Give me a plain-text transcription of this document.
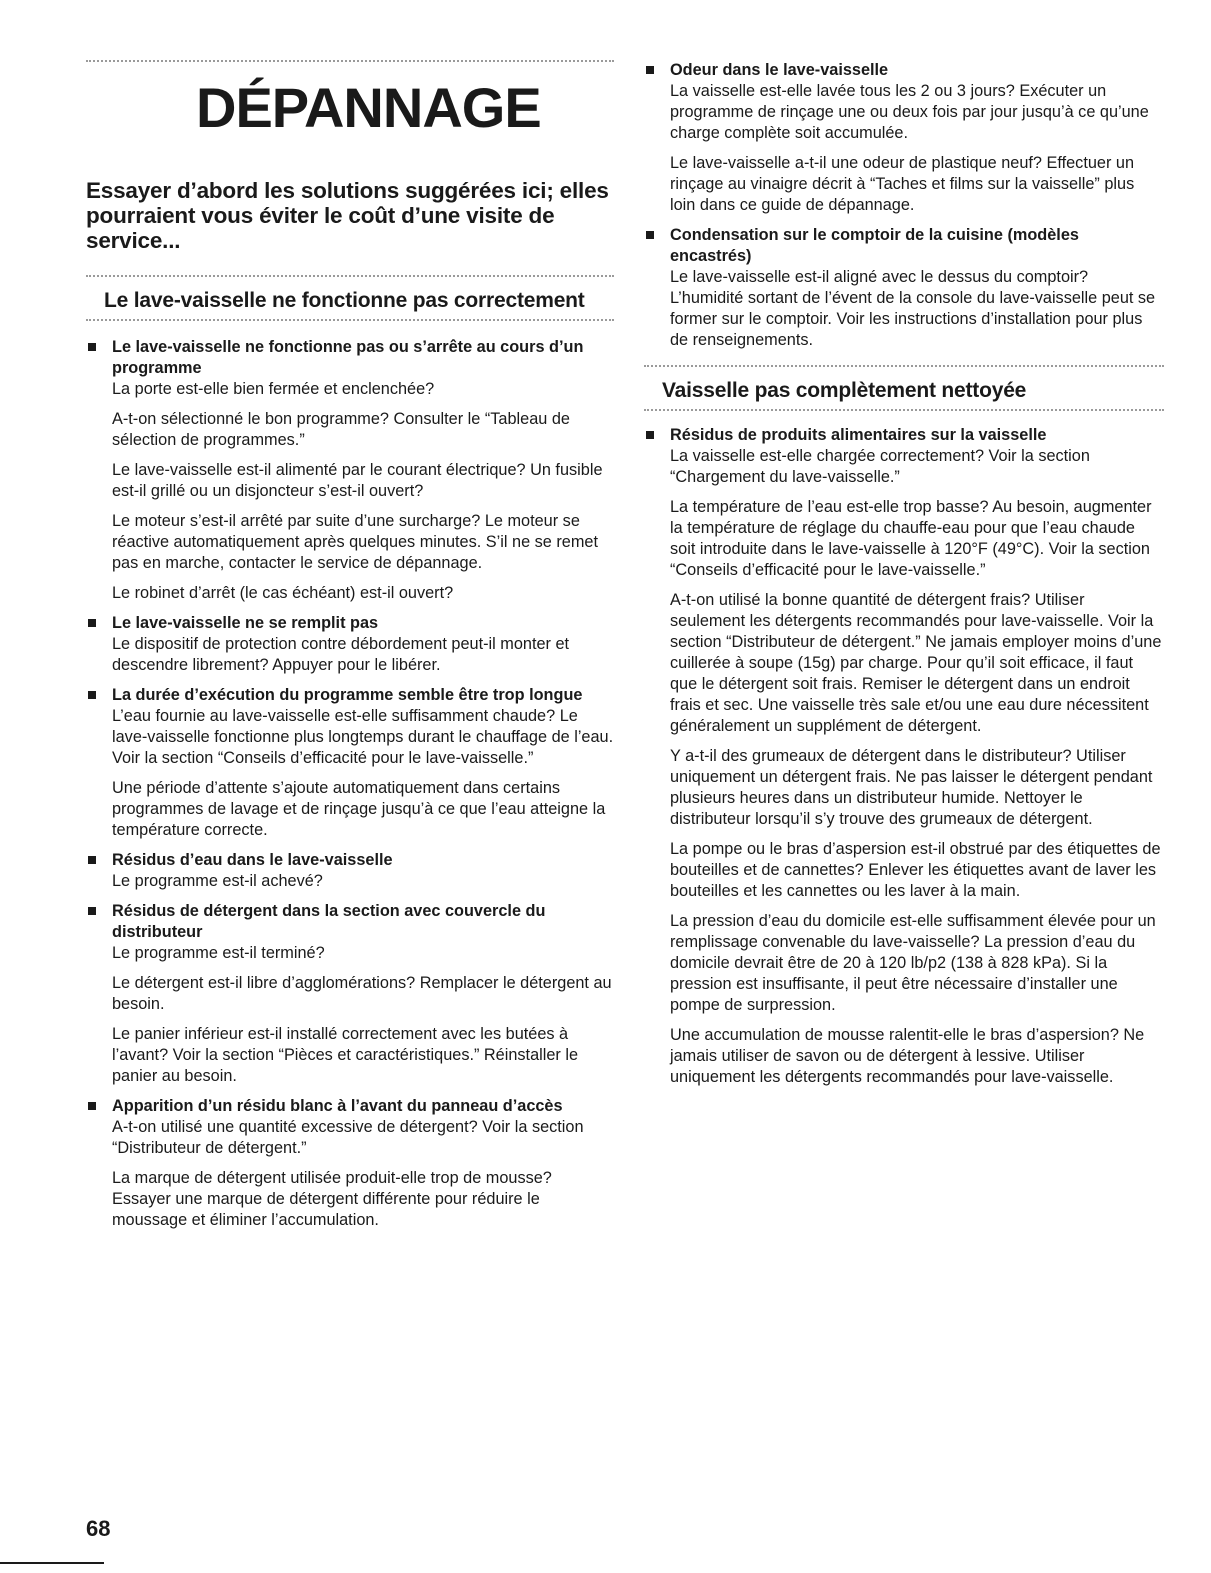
DÉPANNAGE
Essayer d’abord les solutions suggérées ici; elles pourraient vous éviter le coût d’une visite de service...
Le lave-vaisselle ne fonctionne pas correctement
Le lave-vaisselle ne fonctionne pas ou s’arrête au cours d’un programme

La porte est-elle bien fermée et enclenchée?

A-t-on sélectionné le bon programme? Consulter le “Tableau de sélection de programmes.”

Le lave-vaisselle est-il alimenté par le courant électrique? Un fusible est-il grillé ou un disjoncteur s’est-il ouvert?

Le moteur s’est-il arrêté par suite d’une surcharge? Le moteur se réactive automatiquement après quelques minutes. S’il ne se remet pas en marche, contacter le service de dépannage.

Le robinet d’arrêt (le cas échéant) est-il ouvert?

Le lave-vaisselle ne se remplit pas

Le dispositif de protection contre débordement peut-il monter et descendre librement? Appuyer pour le libérer.

La durée d’exécution du programme semble être trop longue

L’eau fournie au lave-vaisselle est-elle suffisamment chaude? Le lave-vaisselle fonctionne plus longtemps durant le chauffage de l’eau. Voir la section “Conseils d’efficacité pour le lave-vaisselle.”

Une période d’attente s’ajoute automatiquement dans certains programmes de lavage et de rinçage jusqu’à ce que l’eau atteigne la température correcte.

Résidus d’eau dans le lave-vaisselle

Le programme est-il achevé?

Résidus de détergent dans la section avec couvercle du distributeur

Le programme est-il terminé?

Le détergent est-il libre d’agglomérations? Remplacer le détergent au besoin.

Le panier inférieur est-il installé correctement avec les butées à l’avant? Voir la section “Pièces et caractéristiques.” Réinstaller le panier au besoin.

Apparition d’un résidu blanc à l’avant du panneau d’accès

A-t-on utilisé une quantité excessive de détergent? Voir la section “Distributeur de détergent.”

La marque de détergent utilisée produit-elle trop de mousse? Essayer une marque de détergent différente pour réduire le moussage et éliminer l’accumulation.

Odeur dans le lave-vaisselle

La vaisselle est-elle lavée tous les 2 ou 3 jours? Exécuter un programme de rinçage une ou deux fois par jour jusqu’à ce qu’une charge complète soit accumulée.

Le lave-vaisselle a-t-il une odeur de plastique neuf? Effectuer un rinçage au vinaigre décrit à “Taches et films sur la vaisselle” plus loin dans ce guide de dépannage.

Condensation sur le comptoir de la cuisine (modèles encastrés)

Le lave-vaisselle est-il aligné avec le dessus du comptoir? L’humidité sortant de l’évent de la console du lave-vaisselle peut se former sur le comptoir. Voir les instructions d’installation pour plus de renseignements.

Vaisselle pas complètement nettoyée
Résidus de produits alimentaires sur la vaisselle

La vaisselle est-elle chargée correctement? Voir la section “Chargement du lave-vaisselle.”

La température de l’eau est-elle trop basse? Au besoin, augmenter la température de réglage du chauffe-eau pour que l’eau chaude soit introduite dans le lave-vaisselle à 120°F (49°C). Voir la section “Conseils d’efficacité pour le lave-vaisselle.”

A-t-on utilisé la bonne quantité de détergent frais? Utiliser seulement les détergents recommandés pour lave-vaisselle. Voir la section “Distributeur de détergent.” Ne jamais employer moins d’une cuillerée à soupe (15g) par charge. Pour qu’il soit efficace, il faut que le détergent soit frais. Remiser le détergent dans un endroit frais et sec. Une vaisselle très sale et/ou une eau dure nécessitent généralement un supplément de détergent.

Y a-t-il des grumeaux de détergent dans le distributeur? Utiliser uniquement un détergent frais. Ne pas laisser le détergent pendant plusieurs heures dans un distributeur humide. Nettoyer le distributeur lorsqu’il s’y trouve des grumeaux de détergent.

La pompe ou le bras d’aspersion est-il obstrué par des étiquettes de bouteilles et de cannettes? Enlever les étiquettes avant de laver les bouteilles et les cannettes ou les laver à la main.

La pression d’eau du domicile est-elle suffisamment élevée pour un remplissage convenable du lave-vaisselle? La pression d’eau du domicile devrait être de 20 à 120 lb/p2 (138 à 828 kPa). Si la pression est insuffisante, il peut être nécessaire d’installer une pompe de surpression.

Une accumulation de mousse ralentit-elle le bras d’aspersion? Ne jamais utiliser de savon ou de détergent à lessive. Utiliser uniquement les détergents recommandés pour lave-vaisselle.

68
